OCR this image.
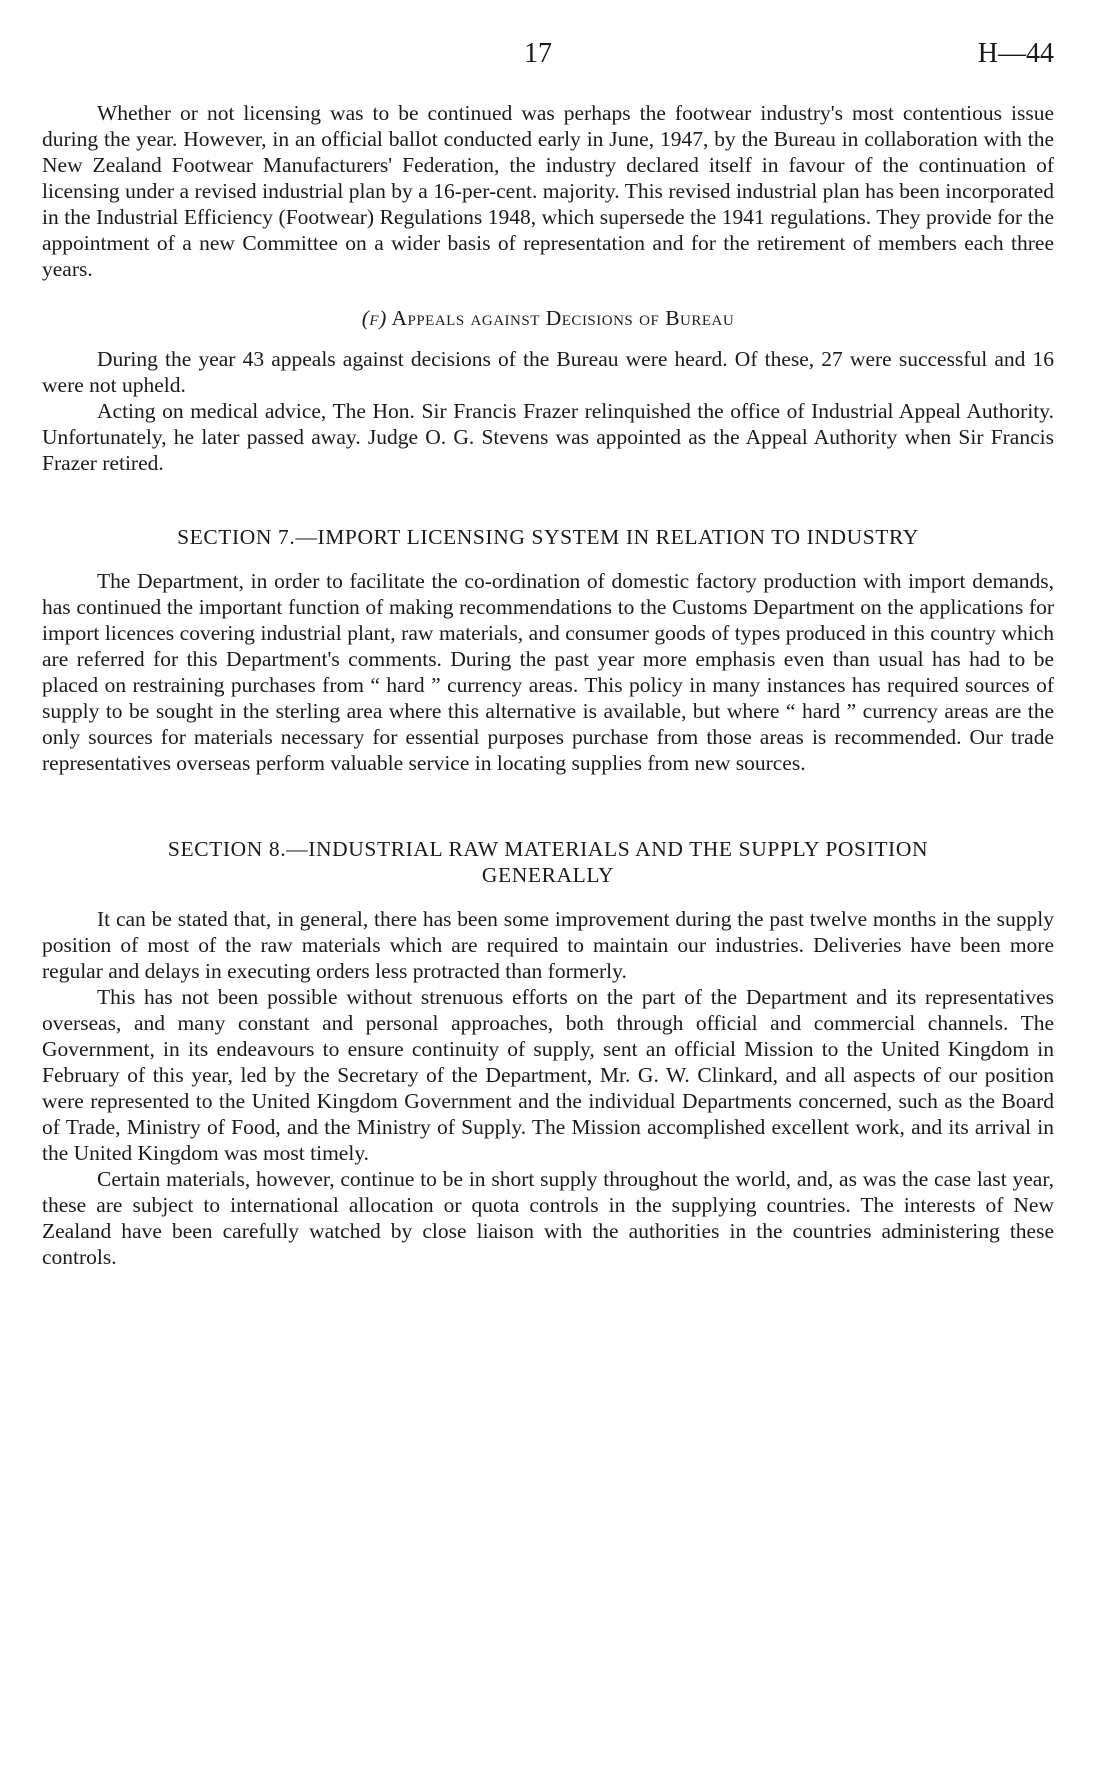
17	H—44

Whether or not licensing was to be continued was perhaps the footwear industry's most contentious issue during the year. However, in an official ballot conducted early in June, 1947, by the Bureau in collaboration with the New Zealand Footwear Manufacturers' Federation, the industry declared itself in favour of the continuation of licensing under a revised industrial plan by a 16-per-cent. majority. This revised industrial plan has been incorporated in the Industrial Efficiency (Footwear) Regulations 1948, which supersede the 1941 regulations. They provide for the appointment of a new Committee on a wider basis of representation and for the retirement of members each three years.

(f) Appeals against Decisions of Bureau

During the year 43 appeals against decisions of the Bureau were heard. Of these, 27 were successful and 16 were not upheld.

Acting on medical advice, The Hon. Sir Francis Frazer relinquished the office of Industrial Appeal Authority. Unfortunately, he later passed away. Judge O. G. Stevens was appointed as the Appeal Authority when Sir Francis Frazer retired.

SECTION 7.—IMPORT LICENSING SYSTEM IN RELATION TO INDUSTRY

The Department, in order to facilitate the co-ordination of domestic factory production with import demands, has continued the important function of making recommendations to the Customs Department on the applications for import licences covering industrial plant, raw materials, and consumer goods of types produced in this country which are referred for this Department's comments. During the past year more emphasis even than usual has had to be placed on restraining purchases from “ hard ” currency areas. This policy in many instances has required sources of supply to be sought in the sterling area where this alternative is available, but where “ hard ” currency areas are the only sources for materials necessary for essential purposes purchase from those areas is recommended. Our trade representatives overseas perform valuable service in locating supplies from new sources.

SECTION 8.—INDUSTRIAL RAW MATERIALS AND THE SUPPLY POSITION
GENERALLY

It can be stated that, in general, there has been some improvement during the past twelve months in the supply position of most of the raw materials which are required to maintain our industries. Deliveries have been more regular and delays in executing orders less protracted than formerly.

This has not been possible without strenuous efforts on the part of the Department and its representatives overseas, and many constant and personal approaches, both through official and commercial channels. The Government, in its endeavours to ensure continuity of supply, sent an official Mission to the United Kingdom in February of this year, led by the Secretary of the Department, Mr. G. W. Clinkard, and all aspects of our position were represented to the United Kingdom Government and the individual Departments concerned, such as the Board of Trade, Ministry of Food, and the Ministry of Supply. The Mission accomplished excellent work, and its arrival in the United Kingdom was most timely.

Certain materials, however, continue to be in short supply throughout the world, and, as was the case last year, these are subject to international allocation or quota controls in the supplying countries. The interests of New Zealand have been carefully watched by close liaison with the authorities in the countries administering these controls.
